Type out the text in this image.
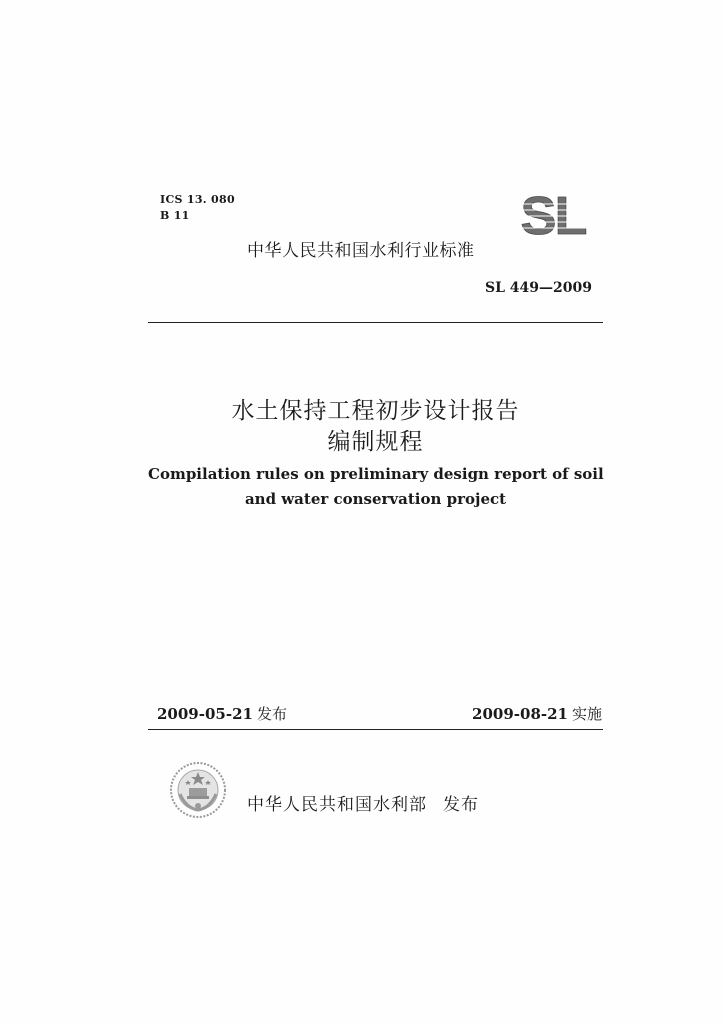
ICS 13. 080
B 11	SL
中华人民共和国水利行业标准
SL 449—2009
水土保持工程初步设计报告
编制规程
Compilation rules on preliminary design report of soil
and water conservation project
2009-05-21 发布	2009-08-21 实施
中华人民共和国水利部 发布
